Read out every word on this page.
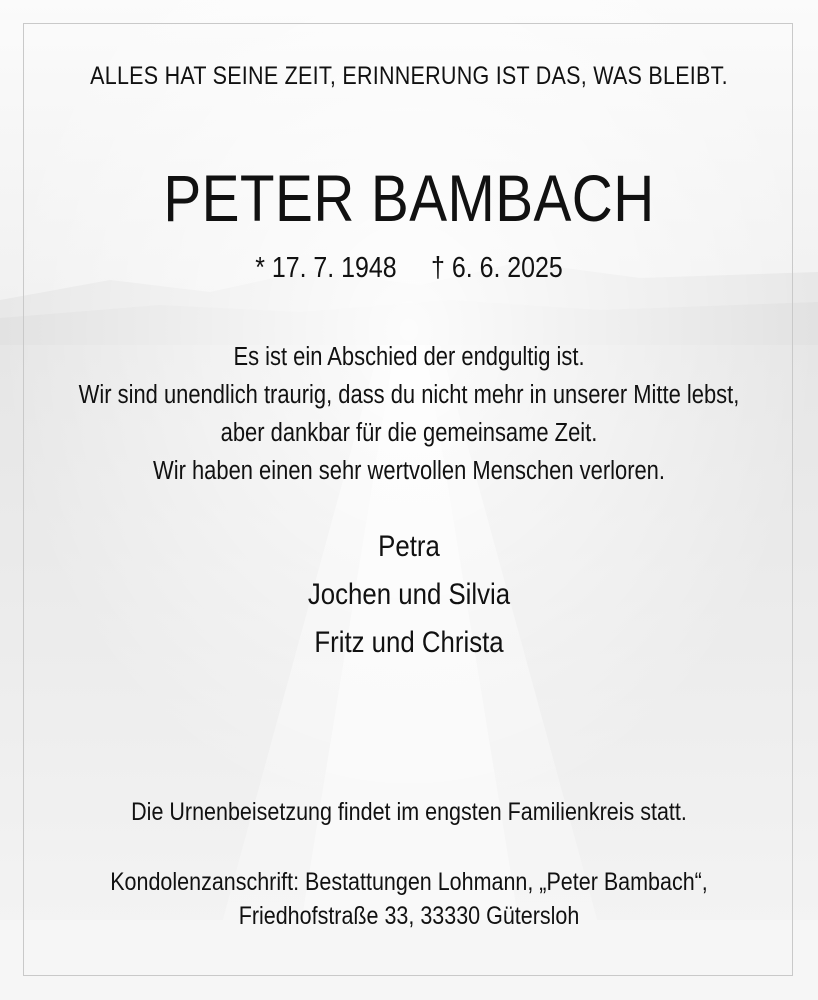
ALLES HAT SEINE ZEIT, ERINNERUNG IST DAS, WAS BLEIBT.
PETER BAMBACH
* 17. 7. 1948 † 6. 6. 2025
Es ist ein Abschied der endgultig ist.
Wir sind unendlich traurig, dass du nicht mehr in unserer Mitte lebst,
aber dankbar für die gemeinsame Zeit.
Wir haben einen sehr wertvollen Menschen verloren.
Petra
Jochen und Silvia
Fritz und Christa
Die Urnenbeisetzung findet im engsten Familienkreis statt.
Kondolenzanschrift: Bestattungen Lohmann, „Peter Bambach“,
Friedhofstraße 33, 33330 Gütersloh
